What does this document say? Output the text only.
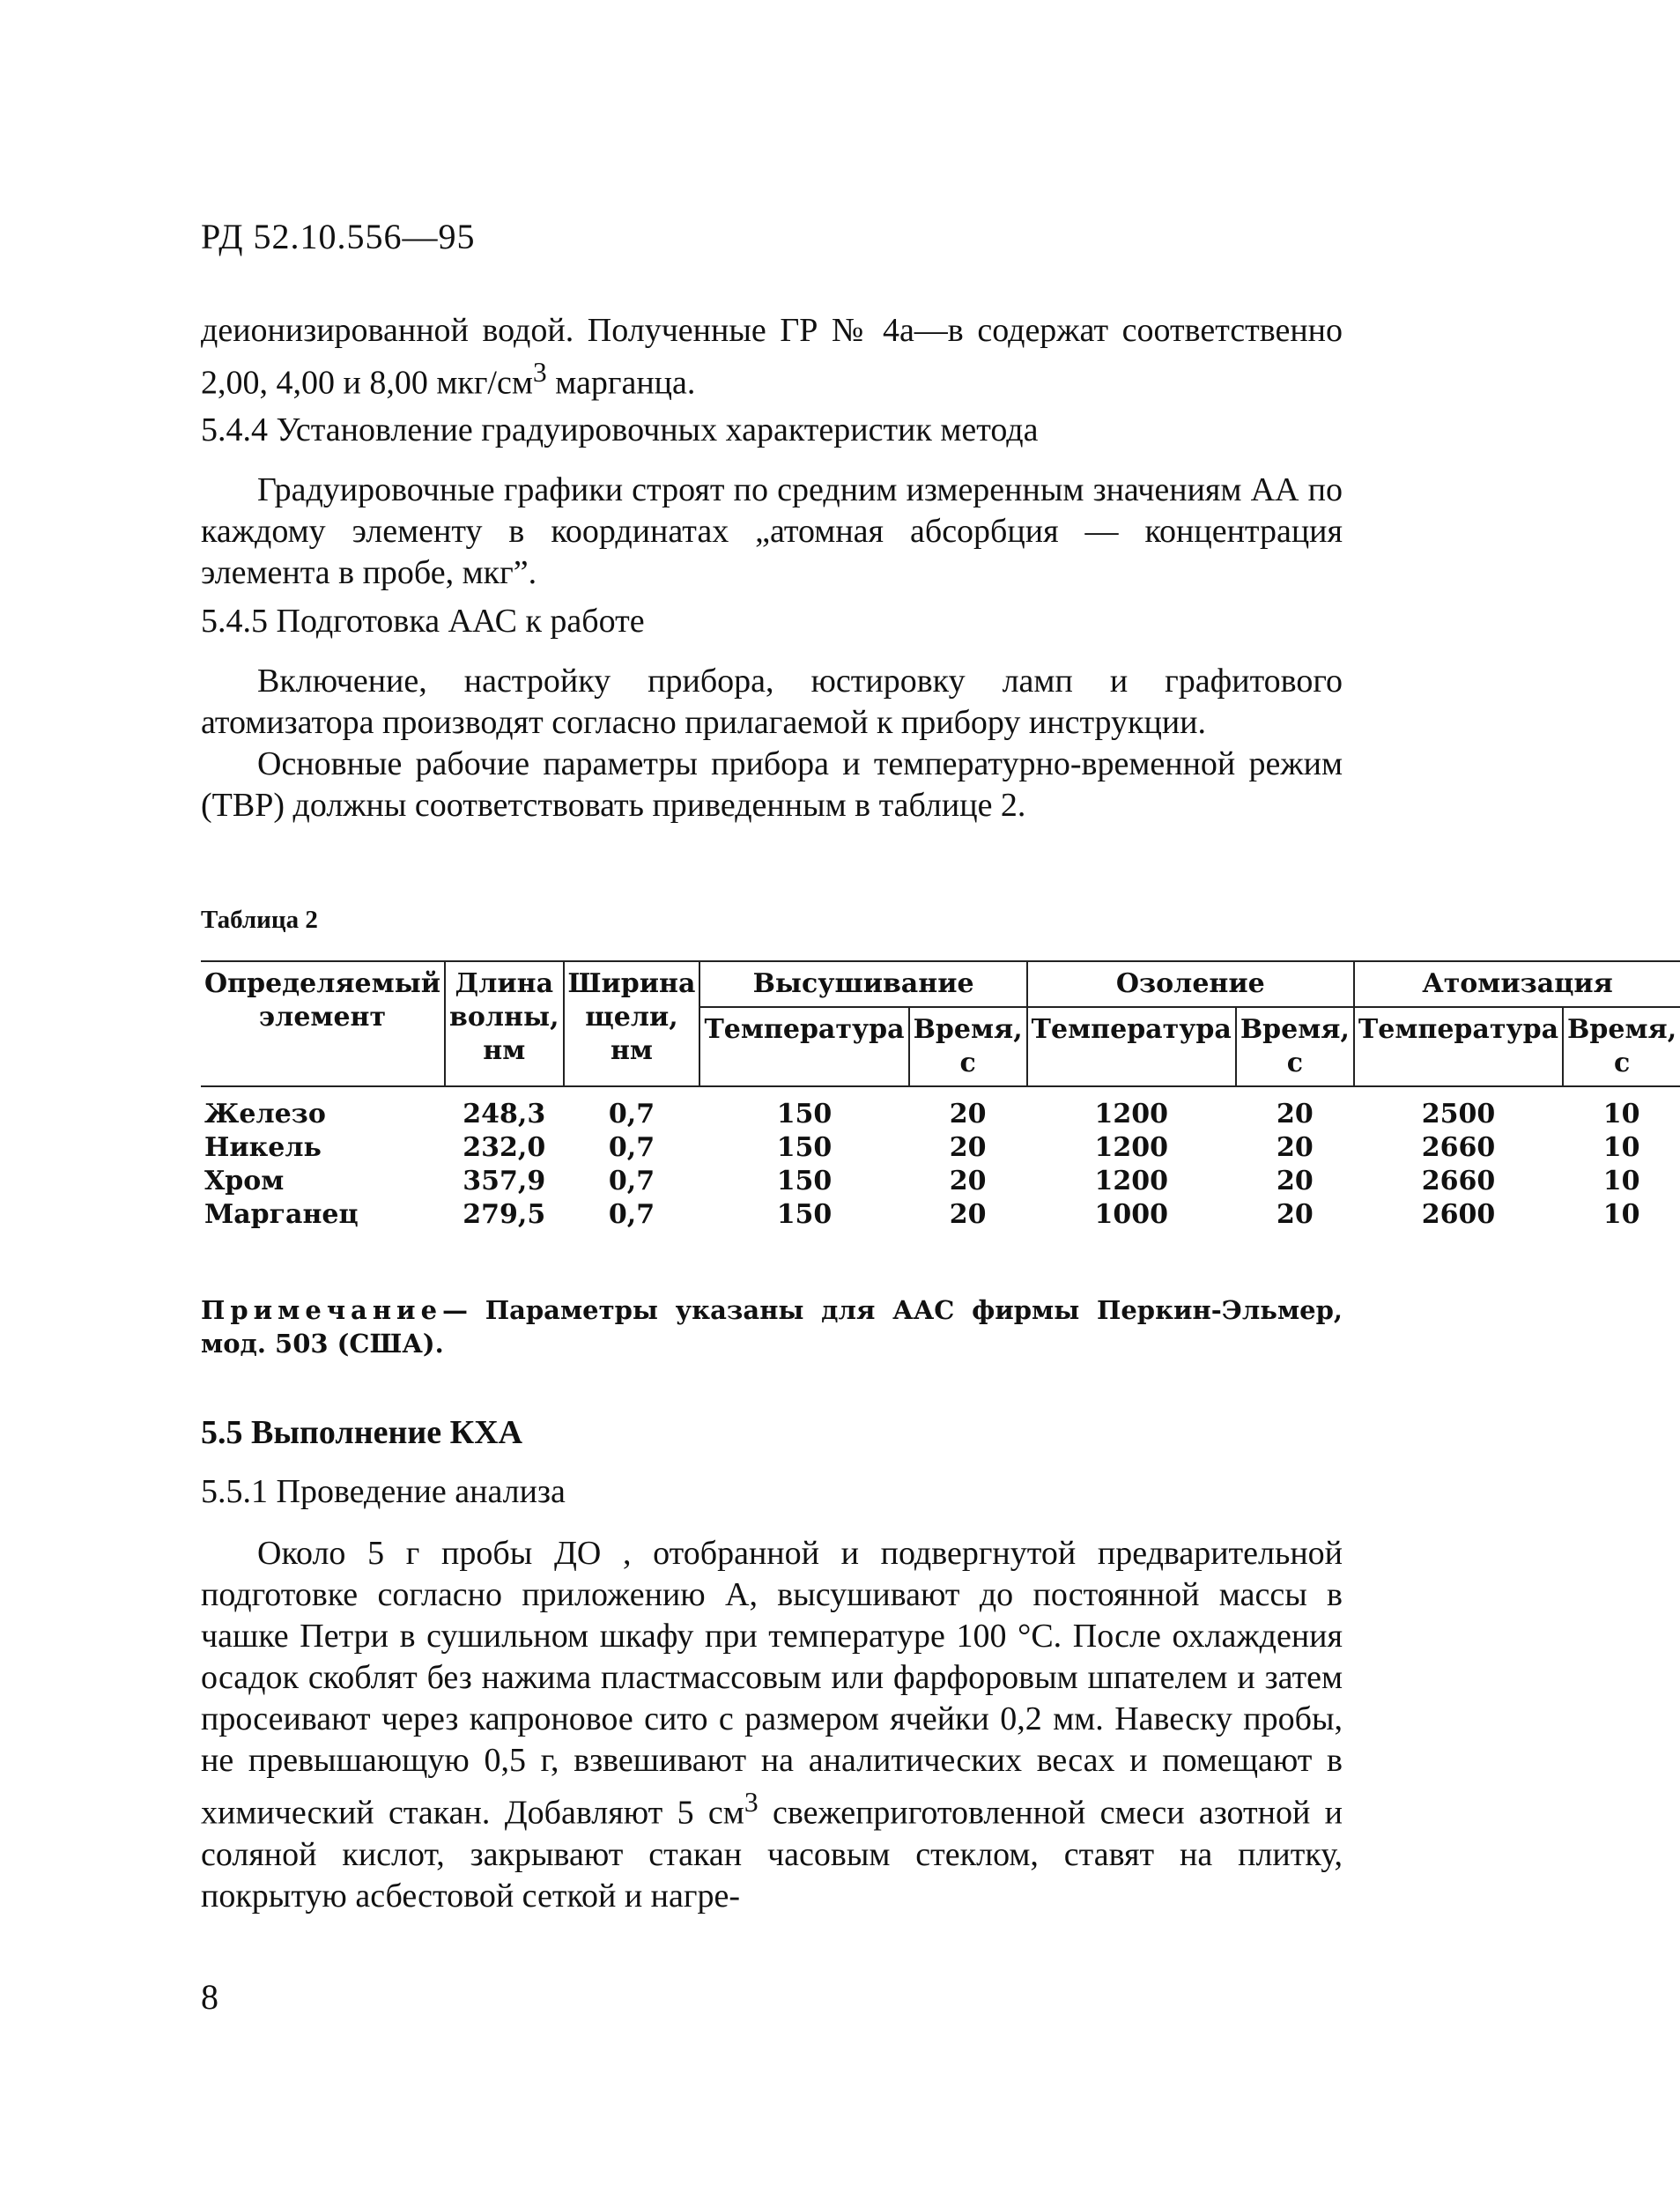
РД 52.10.556—95

деионизированной водой. Полученные ГР № 4а—в содержат соответственно 2,00, 4,00 и 8,00 мкг/$см^3$ марганца.

5.4.4 Установление градуировочных характеристик метода

Градуировочные графики строят по средним измеренным значениям АА по каждому элементу в координатах „атомная абсорбция — концентрация элемента в пробе, мкг”.

5.4.5 Подготовка ААС к работе

Включение, настройку прибора, юстировку ламп и графитового атомизатора производят согласно прилагаемой к прибору инструкции.

Основные рабочие параметры прибора и температурно-временной режим (ТВР) должны соответствовать приведенным в таблице 2.

Таблица 2
Определяемый элемент	Длина волны, нм	Ширина щели, нм	Высушивание		Озоление		Атомизация	
			Температура	Время, с	Температура	Время, с	Температура	Время, с
Железо	248,3	0,7	150	20	1200	20	2500	10
Никель	232,0	0,7	150	20	1200	20	2660	10
Хром	357,9	0,7	150	20	1200	20	2660	10
Марганец	279,5	0,7	150	20	1000	20	2600	10
Примечание— Параметры указаны для ААС фирмы Перкин-Эльмер, мод. 503 (США).
5.5 Выполнение КХА
5.5.1 Проведение анализа

Около 5 г пробы ДО , отобранной и подвергнутой предварительной подготовке согласно приложению А, высушивают до постоянной массы в чашке Петри в сушильном шкафу при температуре 100 °С. После охлаждения осадок скоблят без нажима пластмассовым или фарфоровым шпателем и затем просеивают через капроновое сито с размером ячейки 0,2 мм. Навеску пробы, не превышающую 0,5 г, взвешивают на аналитических весах и помещают в химический стакан. Добавляют 5 $см^3$ свежеприготовленной смеси азотной и соляной кислот, закрывают стакан часовым стеклом, ставят на плитку, покрытую асбестовой сеткой и нагре-

8
